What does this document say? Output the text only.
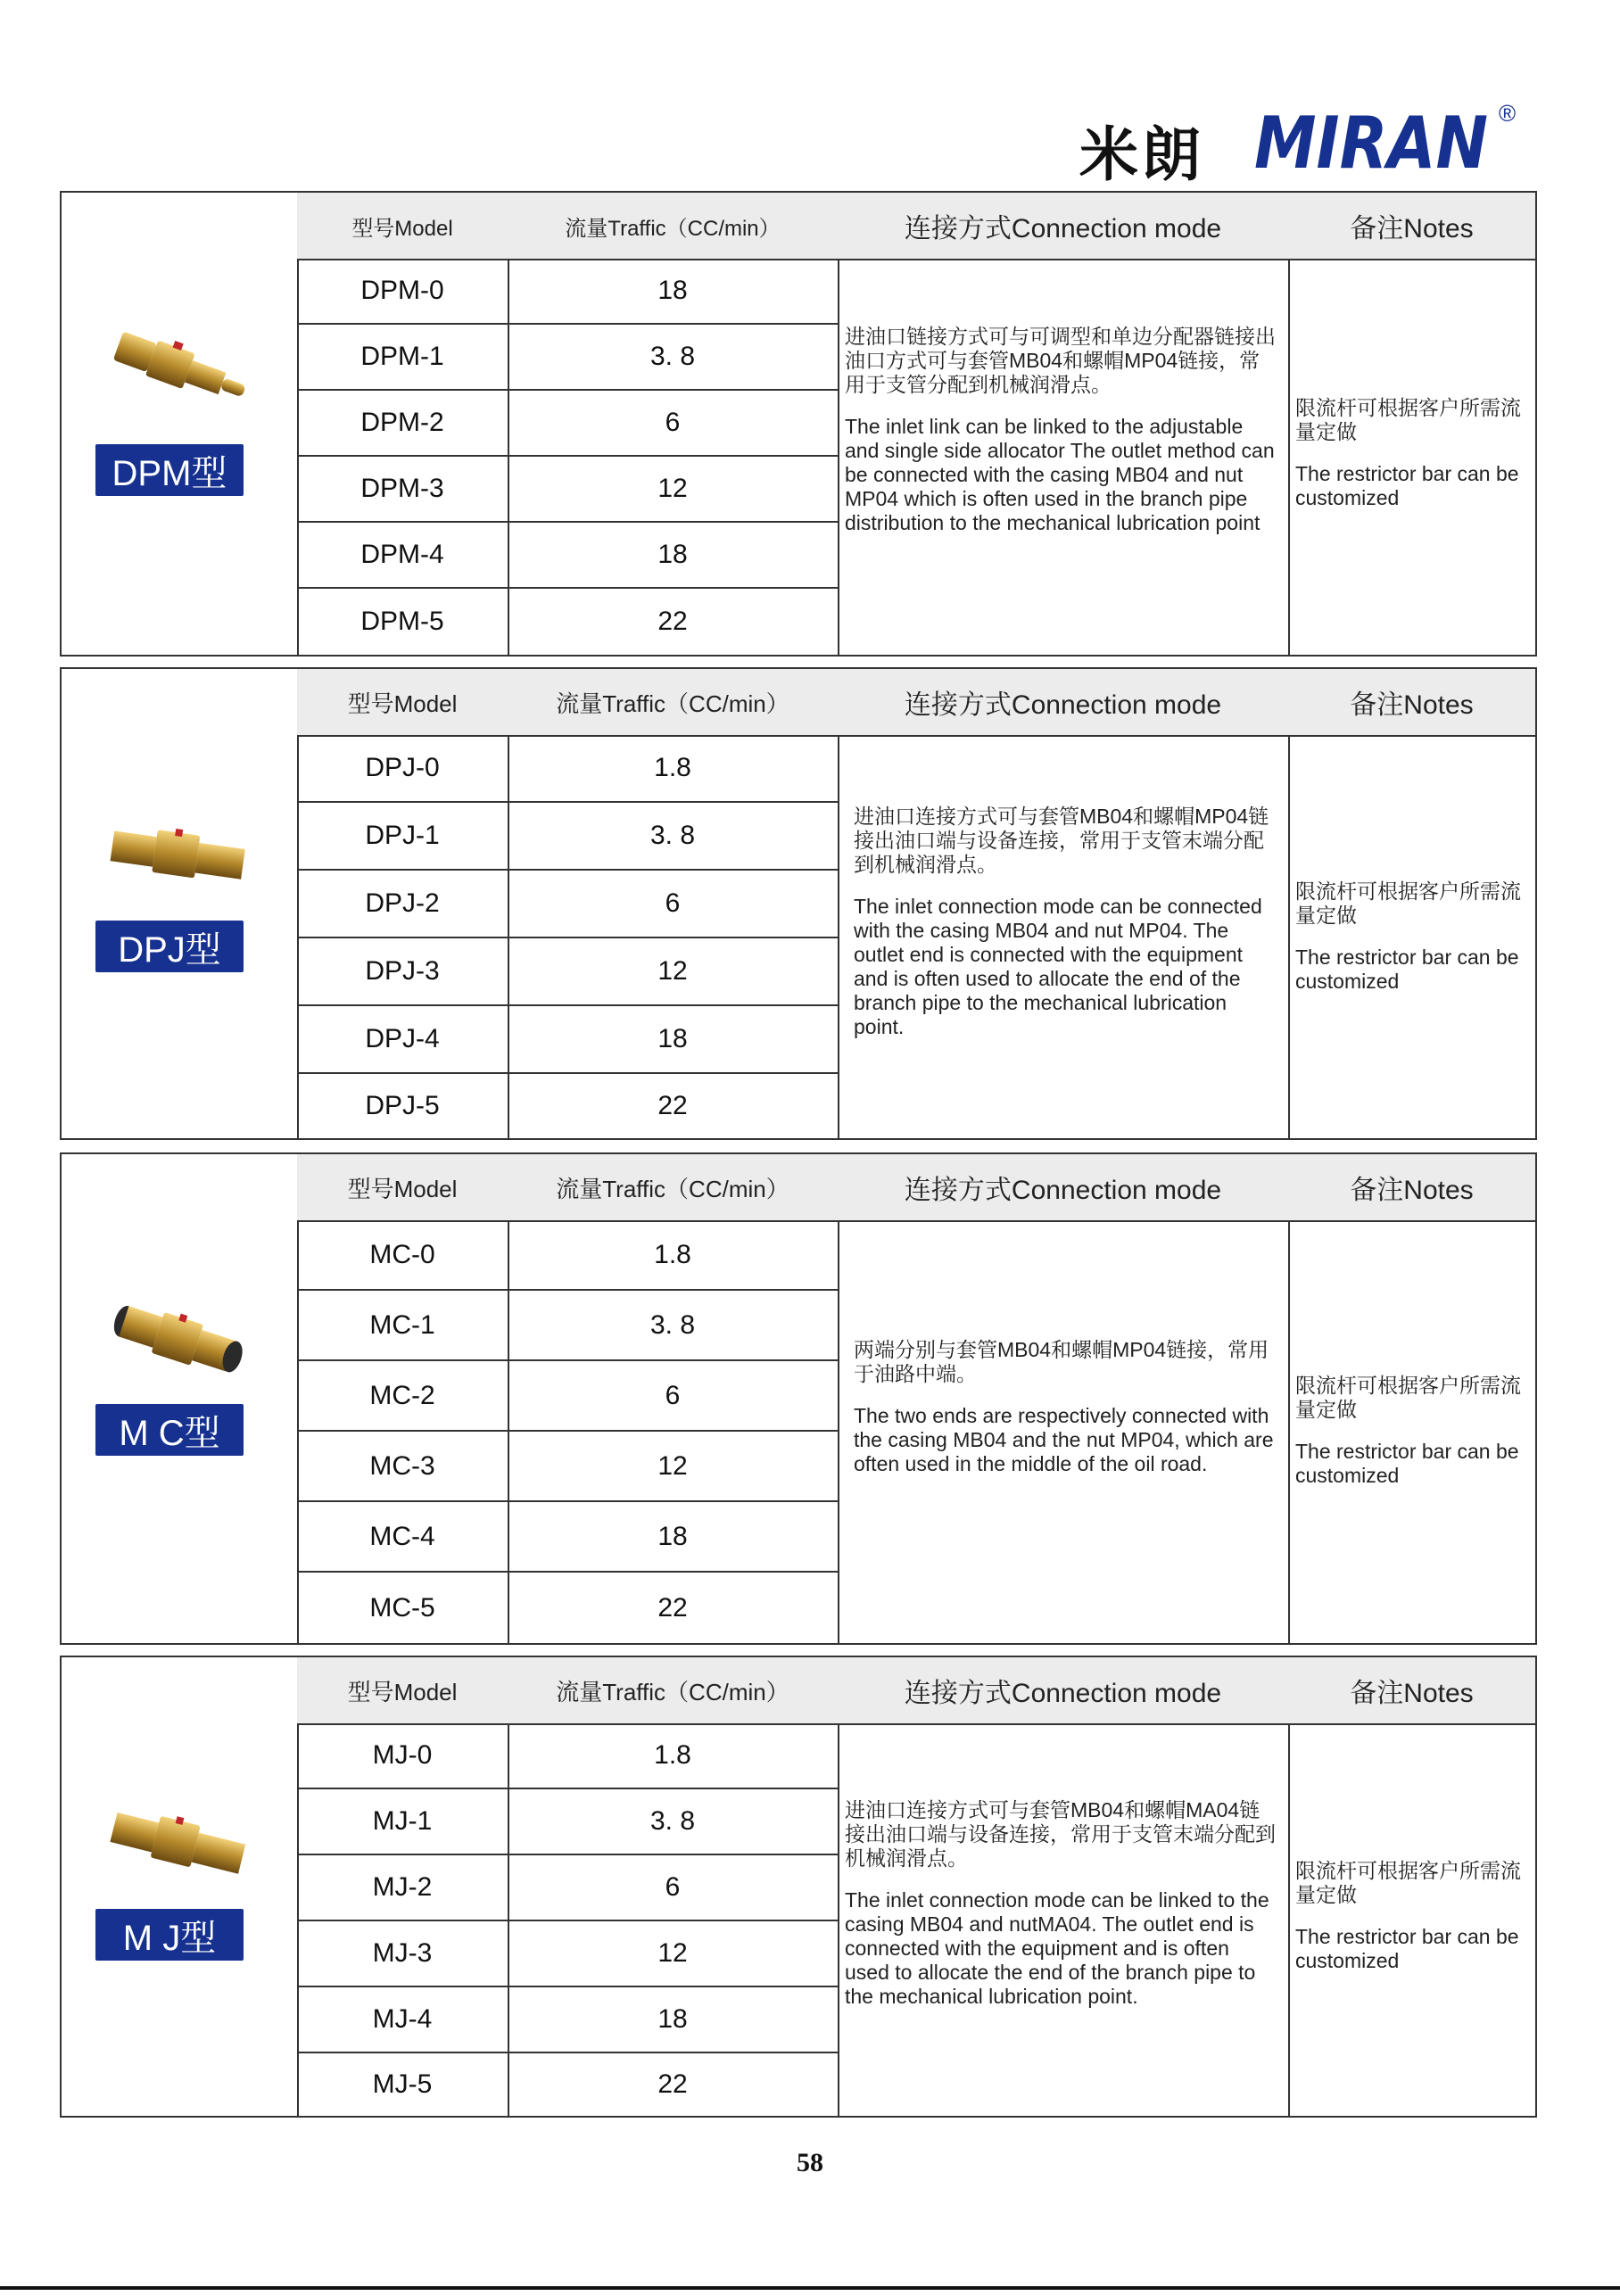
米朗 MIRAN ®
DPM型
型号Model
DPM-0
DPM-1
DPM-2
DPM-3
DPM-4
DPM-5
流量Traffic（CC/min）
18
3. 8
6
12
18
22
连接方式Connection mode

进油口链接方式可与可调型和单边分配器链接出油口方式可与套管MB04和螺帽MP04链接，常用于支管分配到机械润滑点。

The inlet link can be linked to the adjustable and single side allocator The outlet method can be connected with the casing MB04 and nut MP04 which is often used in the branch pipe distribution to the mechanical lubrication point

备注Notes

限流杆可根据客户所需流量定做

The restrictor bar can be customized

DPJ型
型号Model
DPJ-0
DPJ-1
DPJ-2
DPJ-3
DPJ-4
DPJ-5
流量Traffic（CC/min）
1.8
3. 8
6
12
18
22
连接方式Connection mode

进油口连接方式可与套管MB04和螺帽MP04链接出油口端与设备连接，常用于支管末端分配到机械润滑点。

The inlet connection mode can be connected with the casing MB04 and nut MP04. The outlet end is connected with the equipment and is often used to allocate the end of the branch pipe to the mechanical lubrication point.

备注Notes

限流杆可根据客户所需流量定做

The restrictor bar can be customized

M C型
型号Model
MC-0
MC-1
MC-2
MC-3
MC-4
MC-5
流量Traffic（CC/min）
1.8
3. 8
6
12
18
22
连接方式Connection mode

两端分别与套管MB04和螺帽MP04链接，常用于油路中端。

The two ends are respectively connected with the casing MB04 and the nut MP04, which are often used in the middle of the oil road.

备注Notes

限流杆可根据客户所需流量定做

The restrictor bar can be customized

M J型
型号Model
MJ-0
MJ-1
MJ-2
MJ-3
MJ-4
MJ-5
流量Traffic（CC/min）
1.8
3. 8
6
12
18
22
连接方式Connection mode

进油口连接方式可与套管MB04和螺帽MA04链接出油口端与设备连接，常用于支管末端分配到机械润滑点。

The inlet connection mode can be linked to the casing MB04 and nutMA04. The outlet end is connected with the equipment and is often used to allocate the end of the branch pipe to the mechanical lubrication point.

备注Notes

限流杆可根据客户所需流量定做

The restrictor bar can be customized

58
